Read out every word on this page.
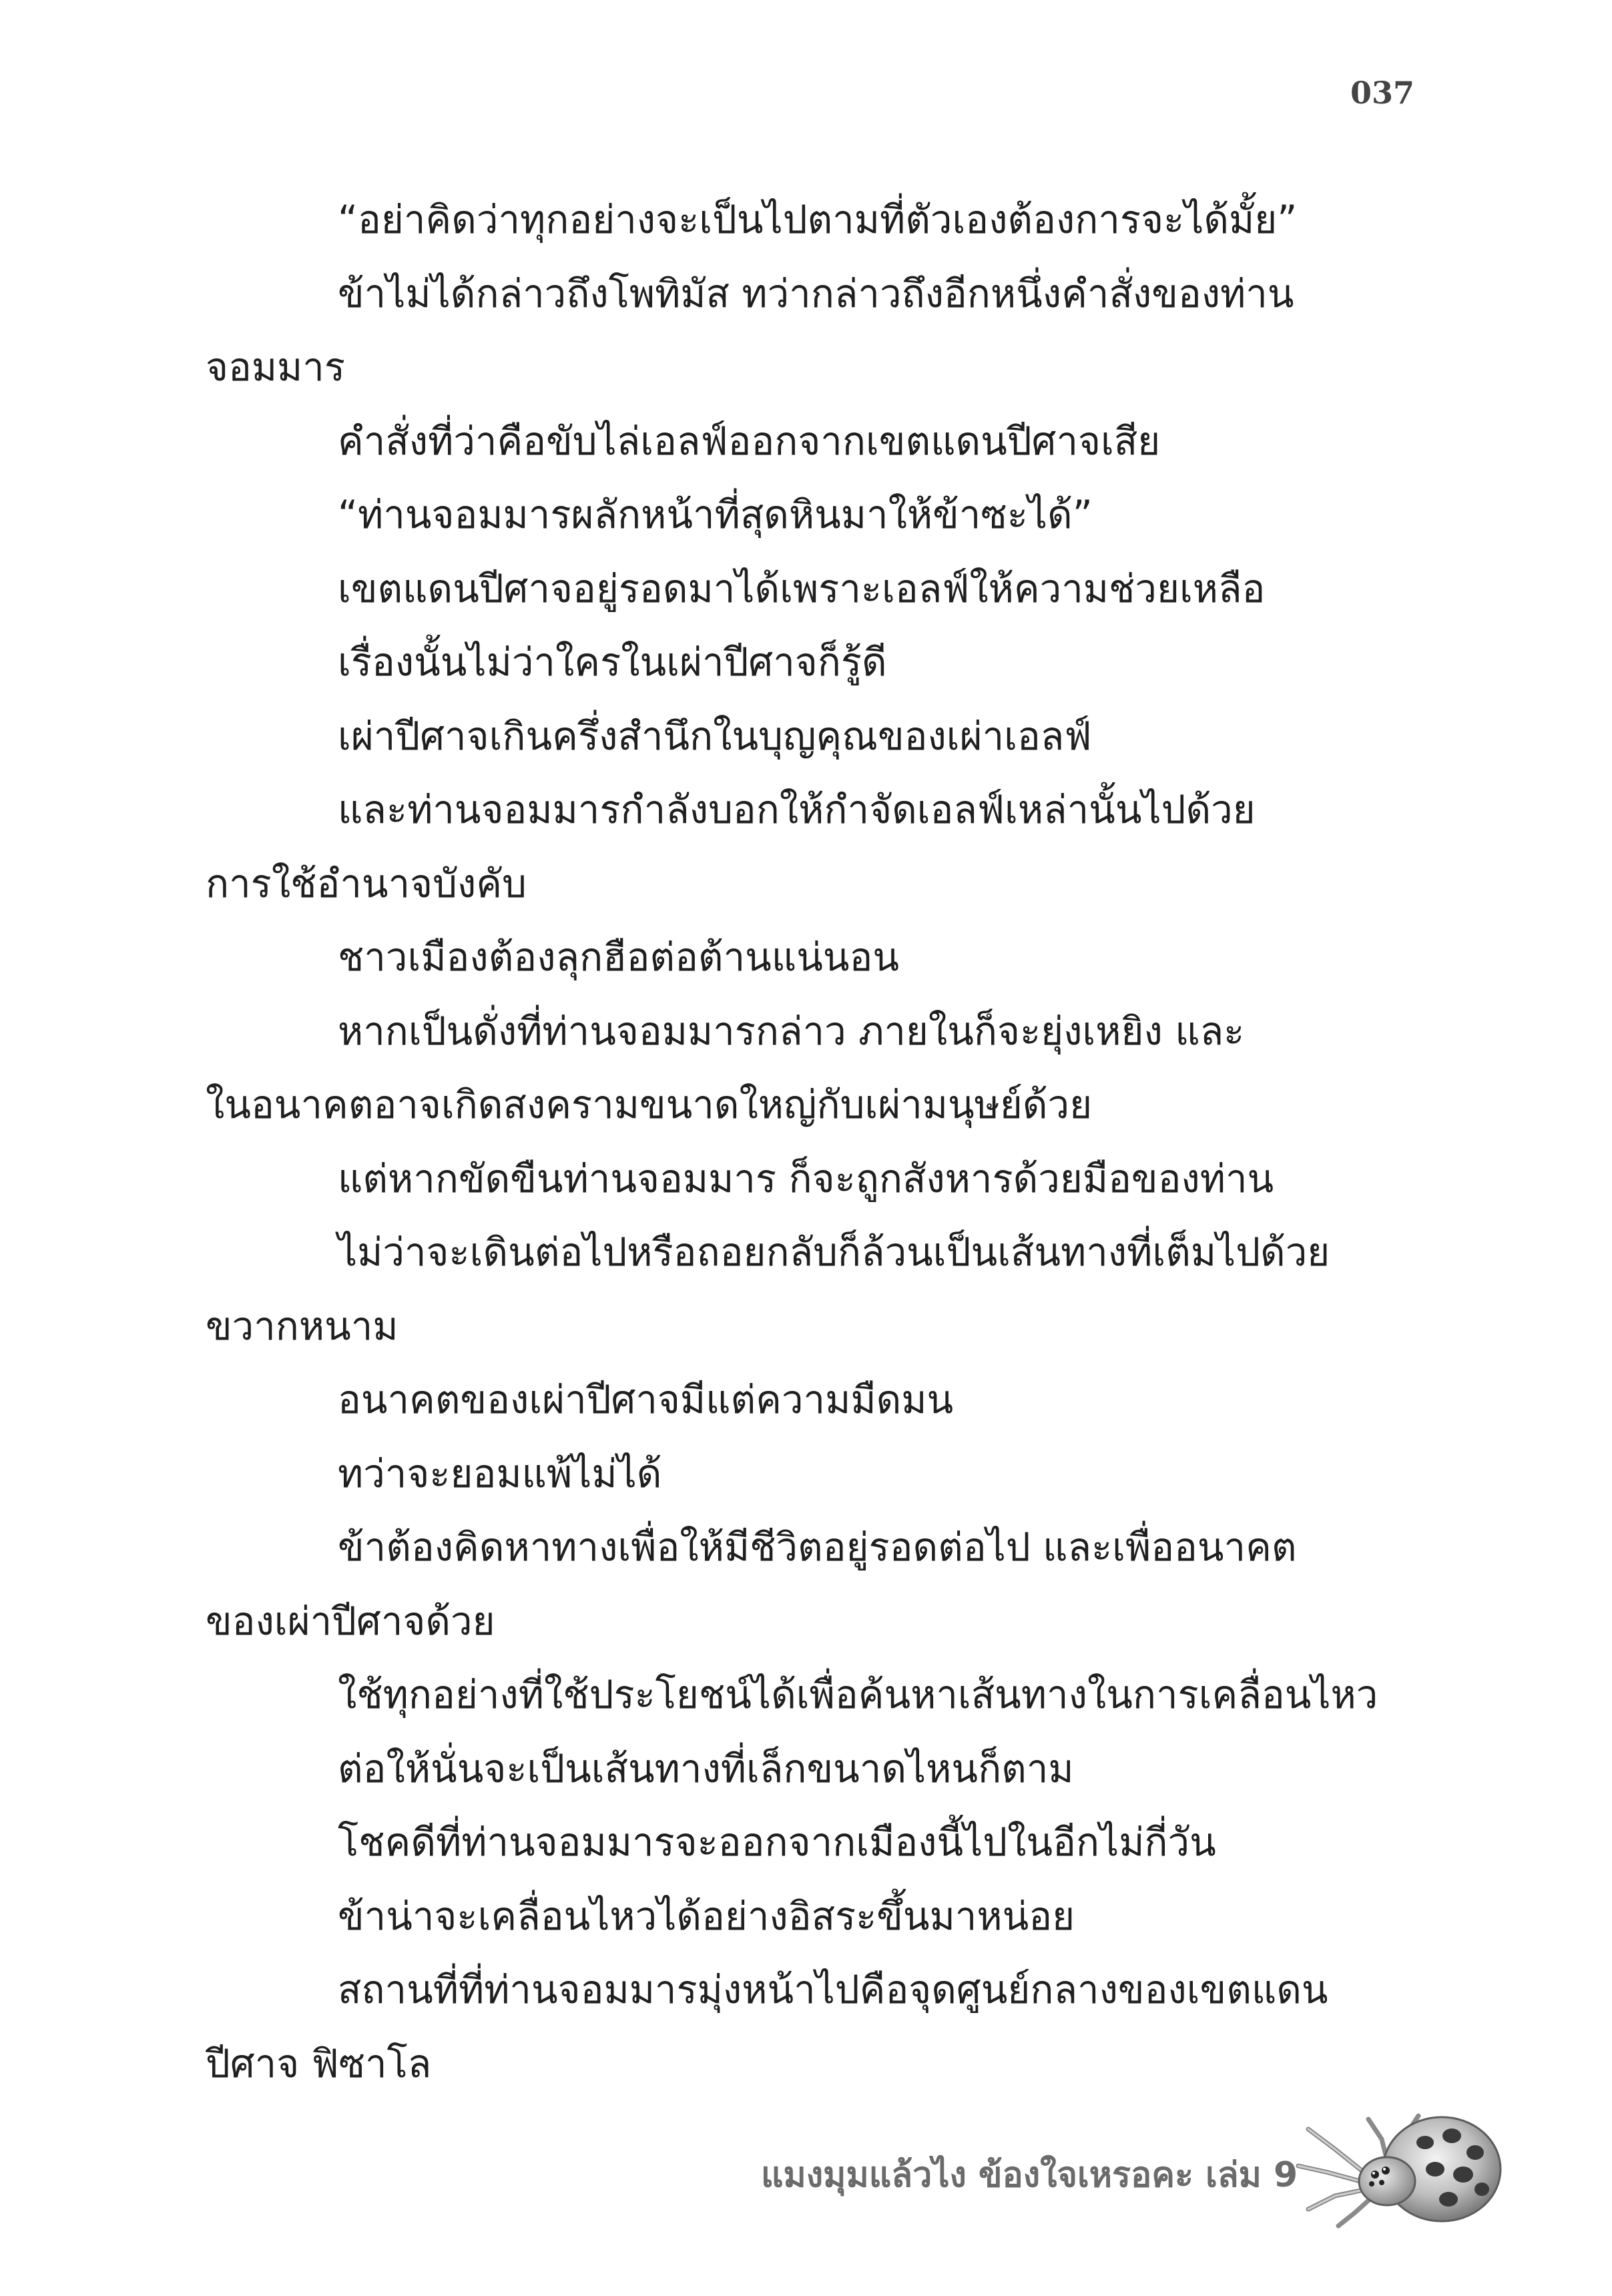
037
“อย่าคิดว่าทุกอย่างจะเป็นไปตามที่ตัวเองต้องการจะได้มั้ย”
ข้าไม่ได้กล่าวถึงโพทิมัส ทว่ากล่าวถึงอีกหนึ่งคำสั่งของท่าน
จอมมาร
คำสั่งที่ว่าคือขับไล่เอลฟ์ออกจากเขตแดนปีศาจเสีย
“ท่านจอมมารผลักหน้าที่สุดหินมาให้ข้าซะได้”
เขตแดนปีศาจอยู่รอดมาได้เพราะเอลฟ์ให้ความช่วยเหลือ
เรื่องนั้นไม่ว่าใครในเผ่าปีศาจก็รู้ดี
เผ่าปีศาจเกินครึ่งสำนึกในบุญคุณของเผ่าเอลฟ์
และท่านจอมมารกำลังบอกให้กำจัดเอลฟ์เหล่านั้นไปด้วย
การใช้อำนาจบังคับ
ชาวเมืองต้องลุกฮือต่อต้านแน่นอน
หากเป็นดั่งที่ท่านจอมมารกล่าว ภายในก็จะยุ่งเหยิง และ
ในอนาคตอาจเกิดสงครามขนาดใหญ่กับเผ่ามนุษย์ด้วย
แต่หากขัดขืนท่านจอมมาร ก็จะถูกสังหารด้วยมือของท่าน
ไม่ว่าจะเดินต่อไปหรือถอยกลับก็ล้วนเป็นเส้นทางที่เต็มไปด้วย
ขวากหนาม
อนาคตของเผ่าปีศาจมีแต่ความมืดมน
ทว่าจะยอมแพ้ไม่ได้
ข้าต้องคิดหาทางเพื่อให้มีชีวิตอยู่รอดต่อไป และเพื่ออนาคต
ของเผ่าปีศาจด้วย
ใช้ทุกอย่างที่ใช้ประโยชน์ได้เพื่อค้นหาเส้นทางในการเคลื่อนไหว
ต่อให้นั่นจะเป็นเส้นทางที่เล็กขนาดไหนก็ตาม
โชคดีที่ท่านจอมมารจะออกจากเมืองนี้ไปในอีกไม่กี่วัน
ข้าน่าจะเคลื่อนไหวได้อย่างอิสระขึ้นมาหน่อย
สถานที่ที่ท่านจอมมารมุ่งหน้าไปคือจุดศูนย์กลางของเขตแดน
ปีศาจ ฟิซาโล
แมงมุมแล้วไง ข้องใจเหรอคะ เล่ม 9
